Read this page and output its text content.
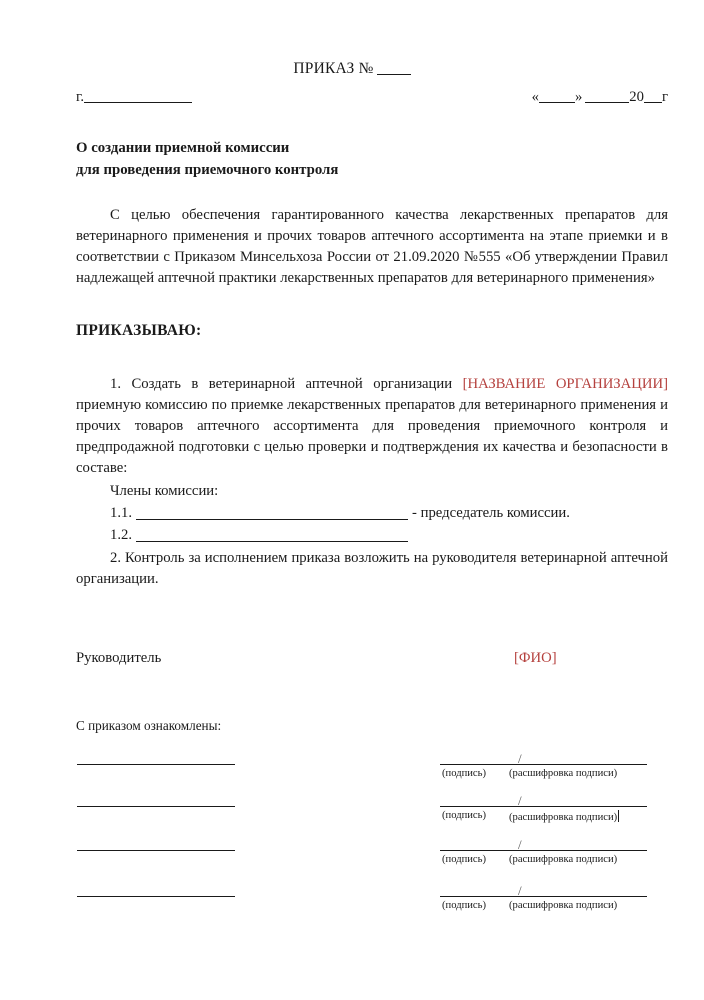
ПРИКАЗ №
г.	« »	20 г
О создании приемной комиссии
для проведения приемочного контроля
С целью обеспечения гарантированного качества лекарственных препаратов для ветеринарного применения и прочих товаров аптечного ассортимента на этапе приемки и в соответствии с Приказом Минсельхоза России от 21.09.2020 №555 «Об утверждении Правил надлежащей аптечной практики лекарственных препаратов для ветеринарного применения»
ПРИКАЗЫВАЮ:
1. Создать в ветеринарной аптечной организации [НАЗВАНИЕ ОРГАНИЗАЦИИ] приемную комиссию по приемке лекарственных препаратов для ветеринарного применения и прочих товаров аптечного ассортимента для проведения приемочного контроля и предпродажной подготовки с целью проверки и подтверждения их качества и безопасности в составе:
Члены комиссии:
1.1.	- председатель комиссии.
1.2.
2. Контроль за исполнением приказа возложить на руководителя ветеринарной аптечной организации.
Руководитель	[ФИО]
С приказом ознакомлены:
/
(подпись) (расшифровка подписи)
/
(подпись) (расшифровка подписи)
/
(подпись) (расшифровка подписи)
/
(подпись) (расшифровка подписи)
